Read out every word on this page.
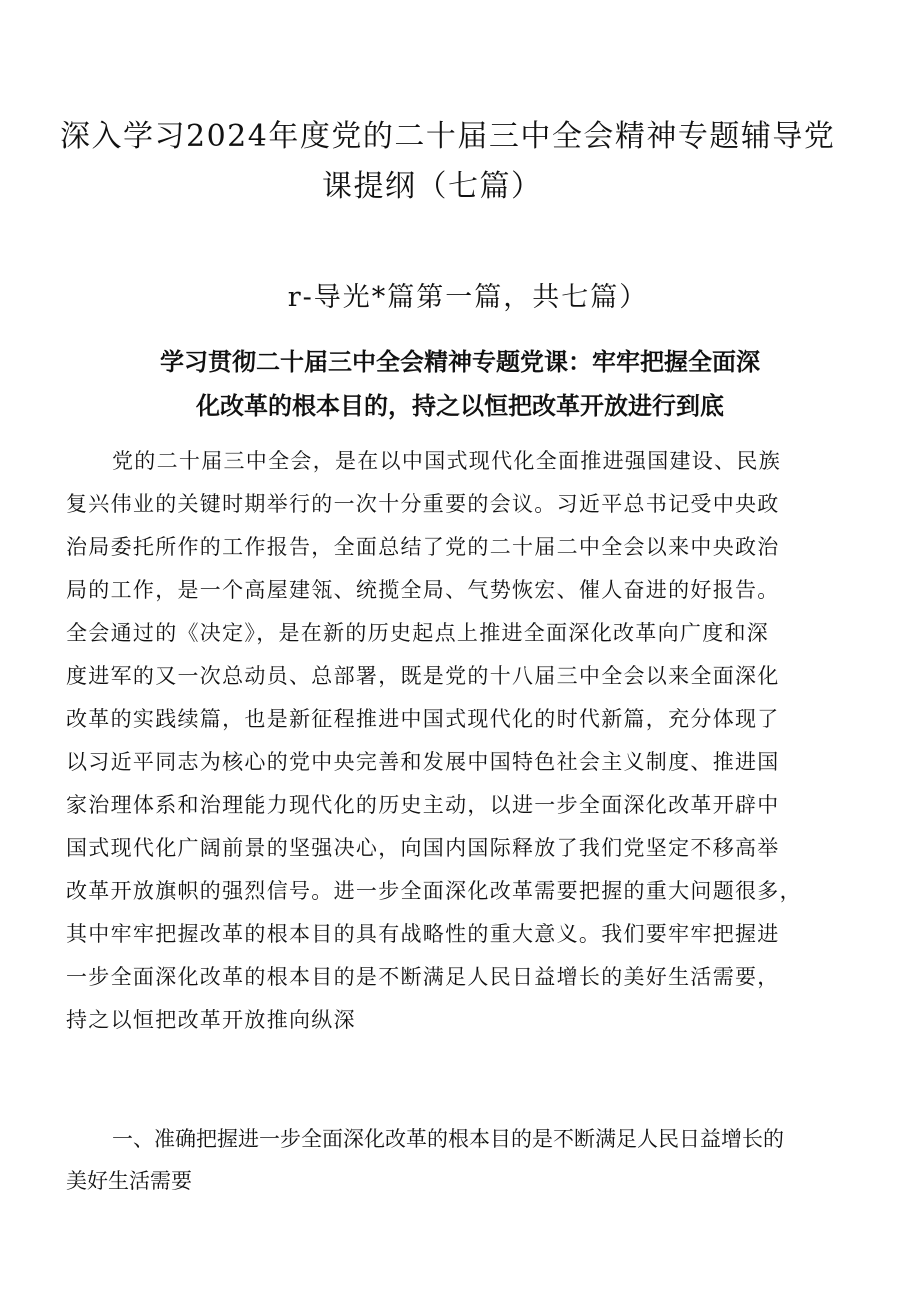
深入学习2024年度党的二十届三中全会精神专题辅导党
课提纲（七篇）
r-导光*篇第一篇，共七篇）
学习贯彻二十届三中全会精神专题党课：牢牢把握全面深
化改革的根本目的，持之以恒把改革开放进行到底

党的二十届三中全会，是在以中国式现代化全面推进强国建设、民族
复兴伟业的关键时期举行的一次十分重要的会议。习近平总书记受中央政
治局委托所作的工作报告，全面总结了党的二十届二中全会以来中央政治
局的工作，是一个高屋建瓴、统揽全局、气势恢宏、催人奋进的好报告。
全会通过的《决定》，是在新的历史起点上推进全面深化改革向广度和深
度进军的又一次总动员、总部署，既是党的十八届三中全会以来全面深化
改革的实践续篇，也是新征程推进中国式现代化的时代新篇，充分体现了
以习近平同志为核心的党中央完善和发展中国特色社会主义制度、推进国
家治理体系和治理能力现代化的历史主动，以进一步全面深化改革开辟中
国式现代化广阔前景的坚强决心，向国内国际释放了我们党坚定不移高举
改革开放旗帜的强烈信号。进一步全面深化改革需要把握的重大问题很多，
其中牢牢把握改革的根本目的具有战略性的重大意义。我们要牢牢把握进
一步全面深化改革的根本目的是不断满足人民日益增长的美好生活需要，
持之以恒把改革开放推向纵深

一、准确把握进一步全面深化改革的根本目的是不断满足人民日益增长的
美好生活需要
